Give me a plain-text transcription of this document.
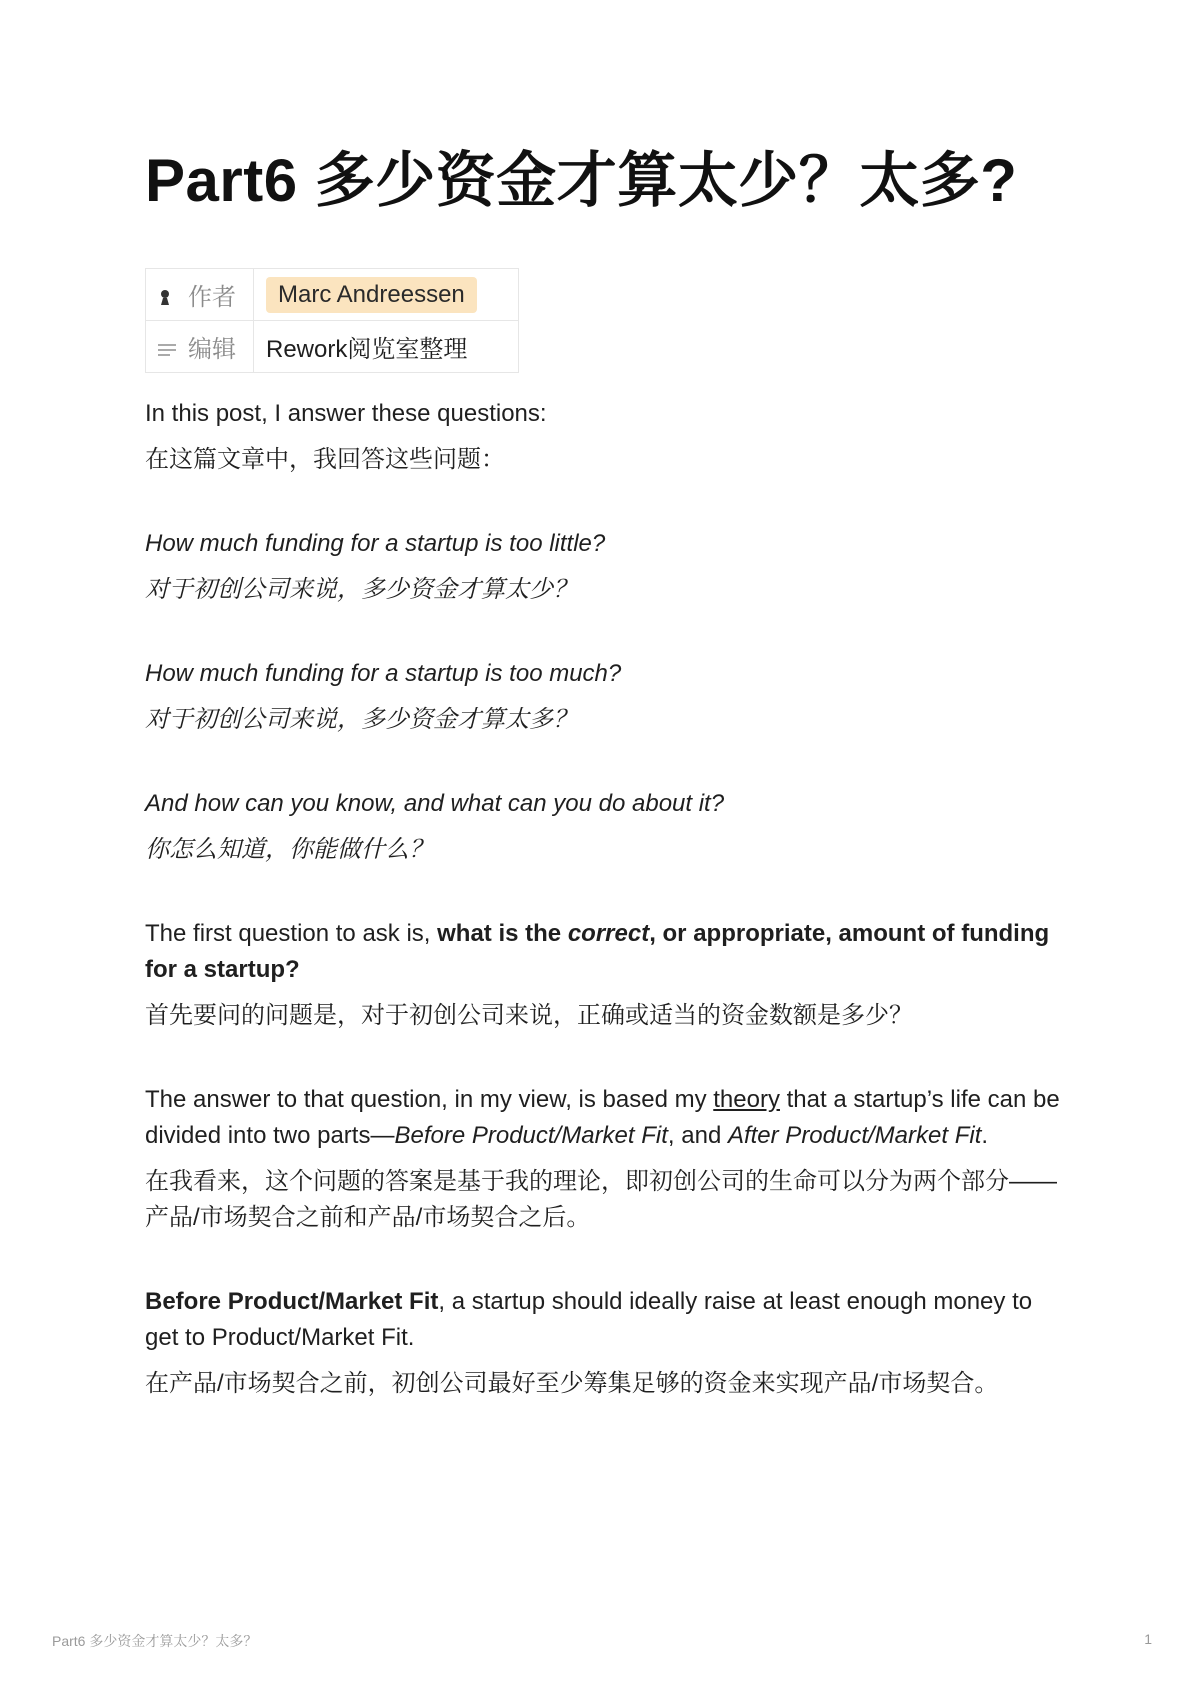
Part6 多少资金才算太少？太多?
作者	Marc Andreessen
编辑	Rework阅览室整理

In this post, I answer these questions:

在这篇文章中，我回答这些问题：

How much funding for a startup is too little?

对于初创公司来说，多少资金才算太少？

How much funding for a startup is too much?

对于初创公司来说，多少资金才算太多？

And how can you know, and what can you do about it?

你怎么知道，你能做什么？

The first question to ask is, what is the correct, or appropriate, amount of funding for a startup?

首先要问的问题是，对于初创公司来说，正确或适当的资金数额是多少？

The answer to that question, in my view, is based my theory that a startup’s life can be divided into two parts—Before Product/Market Fit, and After Product/Market Fit.

在我看来，这个问题的答案是基于我的理论，即初创公司的生命可以分为两个部分——产品/市场契合之前和产品/市场契合之后。

Before Product/Market Fit, a startup should ideally raise at least enough money to get to Product/Market Fit.

在产品/市场契合之前，初创公司最好至少筹集足够的资金来实现产品/市场契合。

Part6 多少资金才算太少？太多？	1
